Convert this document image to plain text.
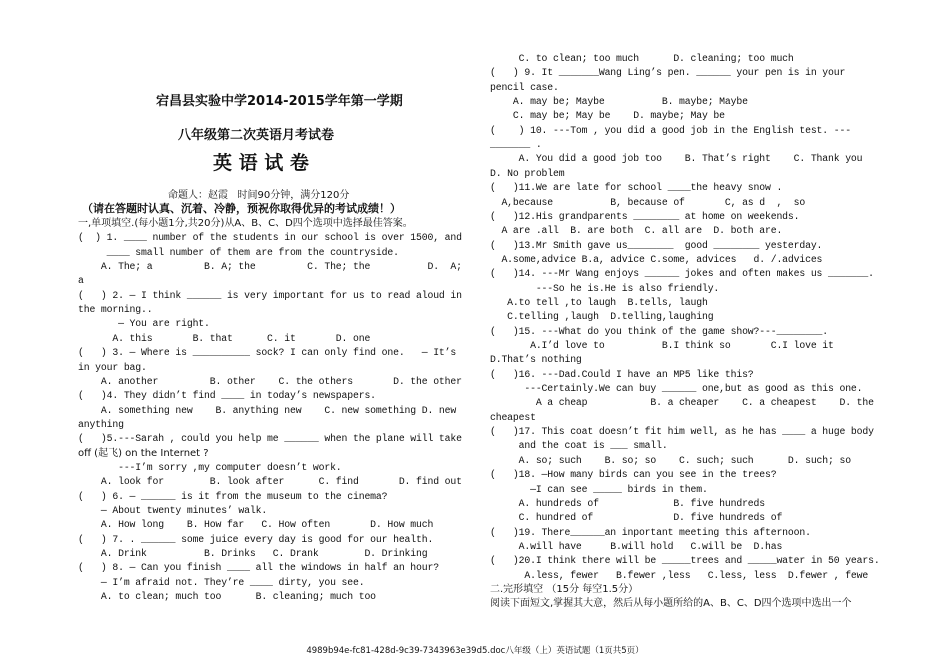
宕昌县实验中学2014-2015学年第一学期
八年级第二次英语月考试卷
英 语 试 卷
命题人：赵霞   时间90分钟，满分120分
（请在答题时认真、沉着、冷静，预祝你取得优异的考试成绩！）
一,单项填空.(每小题1分,共20分)从A、B、C、D四个选项中选择最佳答案。
(  ) 1. ____ number of the students in our school is over 1500, and
____ small number of them are from the countryside.
A. The; a         B. A; the         C. The; the          D.  A;
a
(   ) 2. — I think ______ is very important for us to read aloud in
the morning..
— You are right.
A. this       B. that      C. it       D. one
(   ) 3. — Where is __________ sock? I can only find one.   — It’s
in your bag.
A. another         B. other    C. the others       D. the other
(   )4. They didn’t find ____ in today’s newspapers.
A. something new    B. anything new    C. new something D. new
anything
(   )5.---Sarah , could you help me ______ when the plane will take
off (起飞) on the Internet ?
---I’m sorry ,my computer doesn’t work.
A. look for        B. look after      C. find       D. find out
(   ) 6. — ______ is it from the museum to the cinema?
— About twenty minutes’ walk.
A. How long    B. How far   C. How often       D. How much
(   ) 7. . ______ some juice every day is good for our health.
A. Drink          B. Drinks   C. Drank        D. Drinking
(   ) 8. — Can you finish ____ all the windows in half an hour?
— I’m afraid not. They’re ____ dirty, you see.
A. to clean; much too      B. cleaning; much too
C. to clean; too much      D. cleaning; too much
(   ) 9. It _______Wang Ling’s pen. ______ your pen is in your
pencil case.
A. may be; Maybe          B. maybe; Maybe
C. may be; May be    D. maybe; May be
(    ) 10. ---Tom , you did a good job in the English test. ---
_______ .
A. You did a good job too    B. That’s right    C. Thank you
D. No problem
(   )11.We are late for school ____the heavy snow .
A,because          B, because of       C, as d  ,  so
(   )12.His grandparents ________ at home on weekends.
A are .all  B. are both  C. all are  D. both are.
(   )13.Mr Smith gave us________  good ________ yesterday.
A.some,advice B.a, advice C.some, advices   d. /.advices
(   )14. ---Mr Wang enjoys ______ jokes and often makes us _______.
---So he is.He is also friendly.
A.to tell ,to laugh  B.tells, laugh
C.telling ,laugh  D.telling,laughing
(   )15. ---What do you think of the game show?---________.
A.I’d love to          B.I think so       C.I love it
D.That’s nothing
(   )16. ---Dad.Could I have an MP5 like this?
---Certainly.We can buy ______ one,but as good as this one.
A a cheap           B. a cheaper    C. a cheapest    D. the
cheapest
(   )17. This coat doesn’t fit him well, as he has ____ a huge body
and the coat is ___ small.
A. so; such    B. so; so    C. such; such      D. such; so
(   )18. —How many birds can you see in the trees?
—I can see _____ birds in them.
A. hundreds of             B. five hundreds
C. hundred of              D. five hundreds of
(   )19. There______an inportant meeting this afternoon.
A.will have     B.will hold   C.will be  D.has
(   )20.I think there will be _____trees and _____water in 50 years.
A.less, fewer   B.fewer ,less   C.less, less  D.fewer , fewe
二.完形填空 （15分 每空1.5分）
阅读下面短文,掌握其大意，然后从每小题所给的A、B、C、D四个选项中选出一个
4989b94e-fc81-428d-9c39-7343963e39d5.doc八年级（上）英语试题（1页共5页）
